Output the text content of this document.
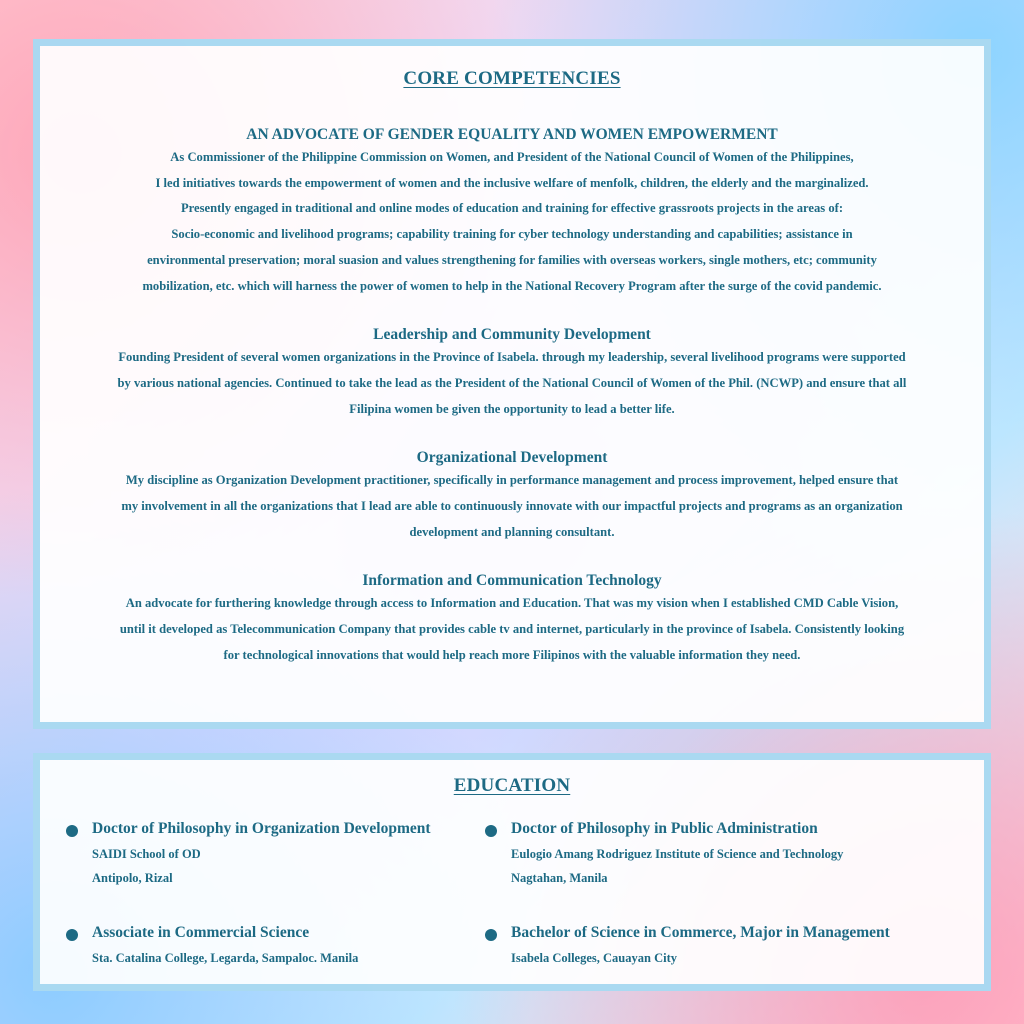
CORE COMPETENCIES
AN ADVOCATE OF GENDER EQUALITY AND WOMEN EMPOWERMENT

As Commissioner of the Philippine Commission on Women, and President of the National Council of Women of the Philippines,
I led initiatives towards the empowerment of women and the inclusive welfare of menfolk, children, the elderly and the marginalized.
Presently engaged in traditional and online modes of education and training for effective grassroots projects in the areas of:
Socio-economic and livelihood programs; capability training for cyber technology understanding and capabilities; assistance in
environmental preservation; moral suasion and values strengthening for families with overseas workers, single mothers, etc; community
mobilization, etc. which will harness the power of women to help in the National Recovery Program after the surge of the covid pandemic.

Leadership and Community Development

Founding President of several women organizations in the Province of Isabela. through my leadership, several livelihood programs were supported
by various national agencies. Continued to take the lead as the President of the National Council of Women of the Phil. (NCWP) and ensure that all
Filipina women be given the opportunity to lead a better life.

Organizational Development

My discipline as Organization Development practitioner, specifically in performance management and process improvement, helped ensure that
my involvement in all the organizations that I lead are able to continuously innovate with our impactful projects and programs as an organization
development and planning consultant.

Information and Communication Technology

An advocate for furthering knowledge through access to Information and Education. That was my vision when I established CMD Cable Vision,
until it developed as Telecommunication Company that provides cable tv and internet, particularly in the province of Isabela. Consistently looking
for technological innovations that would help reach more Filipinos with the valuable information they need.

EDUCATION
Doctor of Philosophy in Organization Development
SAIDI School of OD
Antipolo, Rizal
Doctor of Philosophy in Public Administration
Eulogio Amang Rodriguez Institute of Science and Technology
Nagtahan, Manila
Associate in Commercial Science
Sta. Catalina College, Legarda, Sampaloc. Manila
Bachelor of Science in Commerce, Major in Management
Isabela Colleges, Cauayan City
